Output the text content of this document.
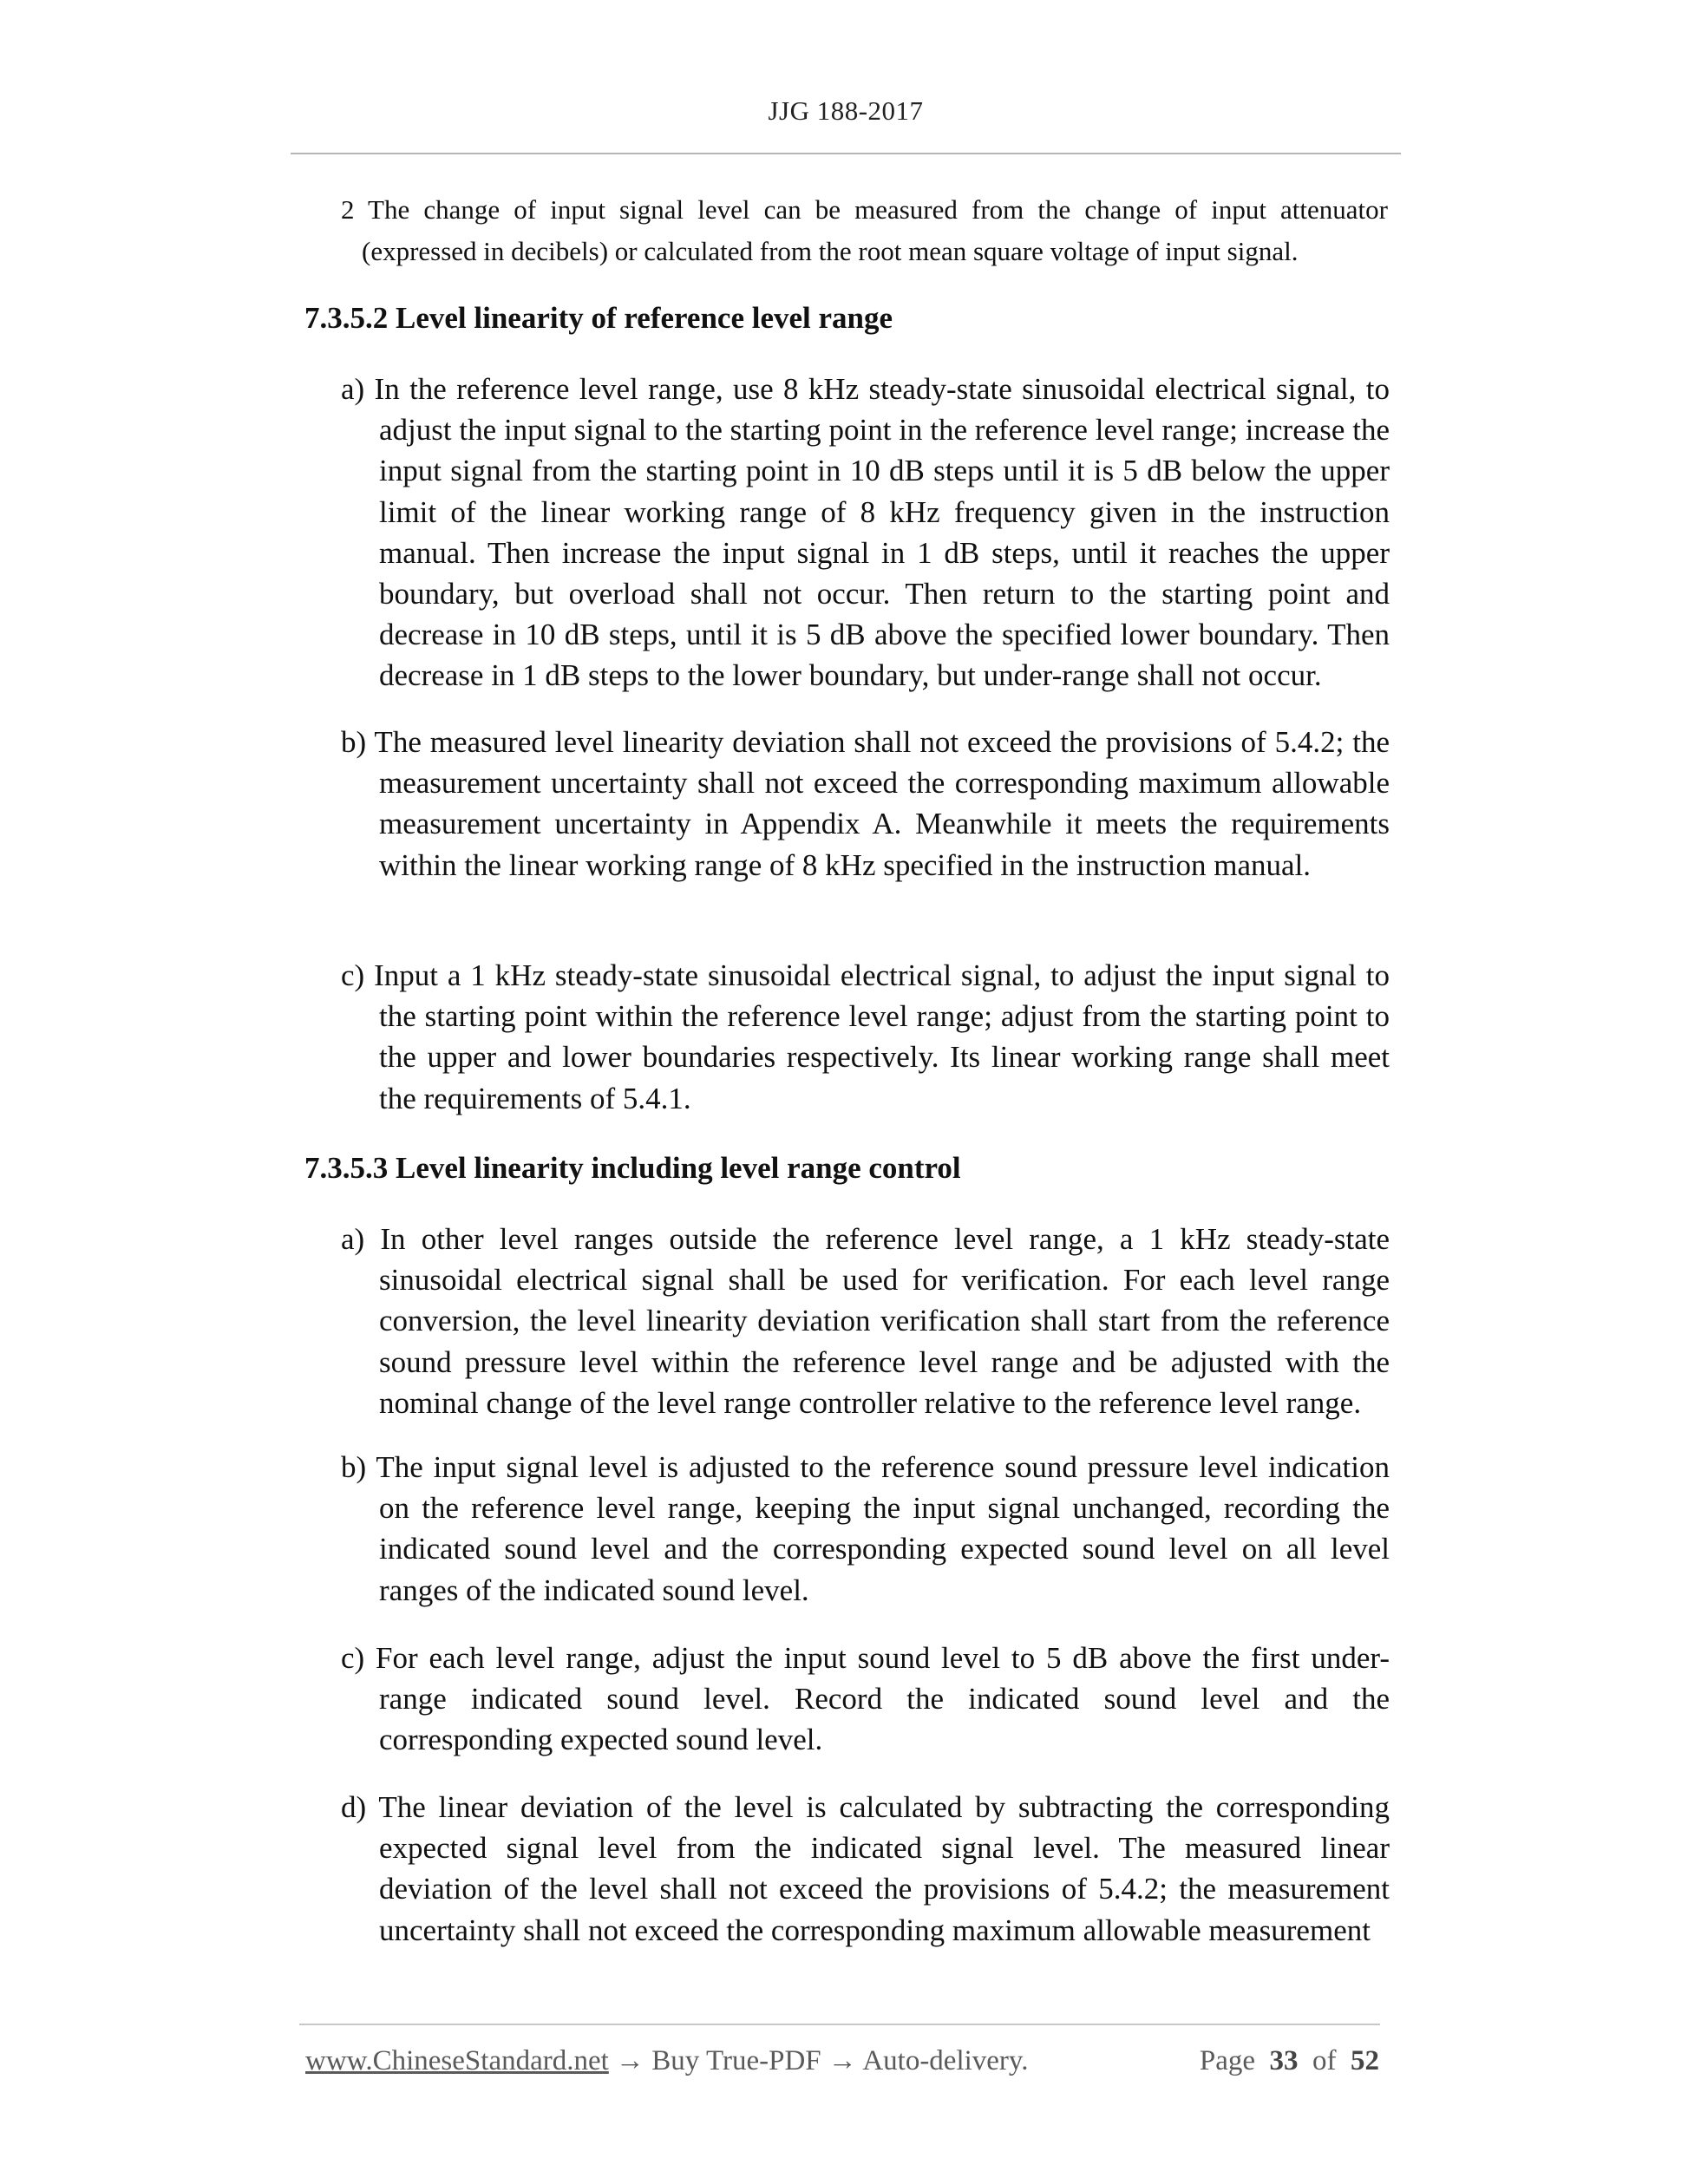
JJG 188-2017
2 The change of input signal level can be measured from the change of input attenuator (expressed in decibels) or calculated from the root mean square voltage of input signal.
7.3.5.2 Level linearity of reference level range
a) In the reference level range, use 8 kHz steady-state sinusoidal electrical signal, to adjust the input signal to the starting point in the reference level range; increase the input signal from the starting point in 10 dB steps until it is 5 dB below the upper limit of the linear working range of 8 kHz frequency given in the instruction manual. Then increase the input signal in 1 dB steps, until it reaches the upper boundary, but overload shall not occur. Then return to the starting point and decrease in 10 dB steps, until it is 5 dB above the specified lower boundary. Then decrease in 1 dB steps to the lower boundary, but under-range shall not occur.
b) The measured level linearity deviation shall not exceed the provisions of 5.4.2; the measurement uncertainty shall not exceed the corresponding maximum allowable measurement uncertainty in Appendix A. Meanwhile it meets the requirements within the linear working range of 8 kHz specified in the instruction manual.
c) Input a 1 kHz steady-state sinusoidal electrical signal, to adjust the input signal to the starting point within the reference level range; adjust from the starting point to the upper and lower boundaries respectively. Its linear working range shall meet the requirements of 5.4.1.
7.3.5.3 Level linearity including level range control
a) In other level ranges outside the reference level range, a 1 kHz steady-state sinusoidal electrical signal shall be used for verification. For each level range conversion, the level linearity deviation verification shall start from the reference sound pressure level within the reference level range and be adjusted with the nominal change of the level range controller relative to the reference level range.
b) The input signal level is adjusted to the reference sound pressure level indication on the reference level range, keeping the input signal unchanged, recording the indicated sound level and the corresponding expected sound level on all level ranges of the indicated sound level.
c) For each level range, adjust the input sound level to 5 dB above the first under-range indicated sound level. Record the indicated sound level and the corresponding expected sound level.
d) The linear deviation of the level is calculated by subtracting the corresponding expected signal level from the indicated signal level. The measured linear deviation of the level shall not exceed the provisions of 5.4.2; the measurement uncertainty shall not exceed the corresponding maximum allowable measurement
www.ChineseStandard.net → Buy True-PDF → Auto-delivery.	Page 33 of 52
